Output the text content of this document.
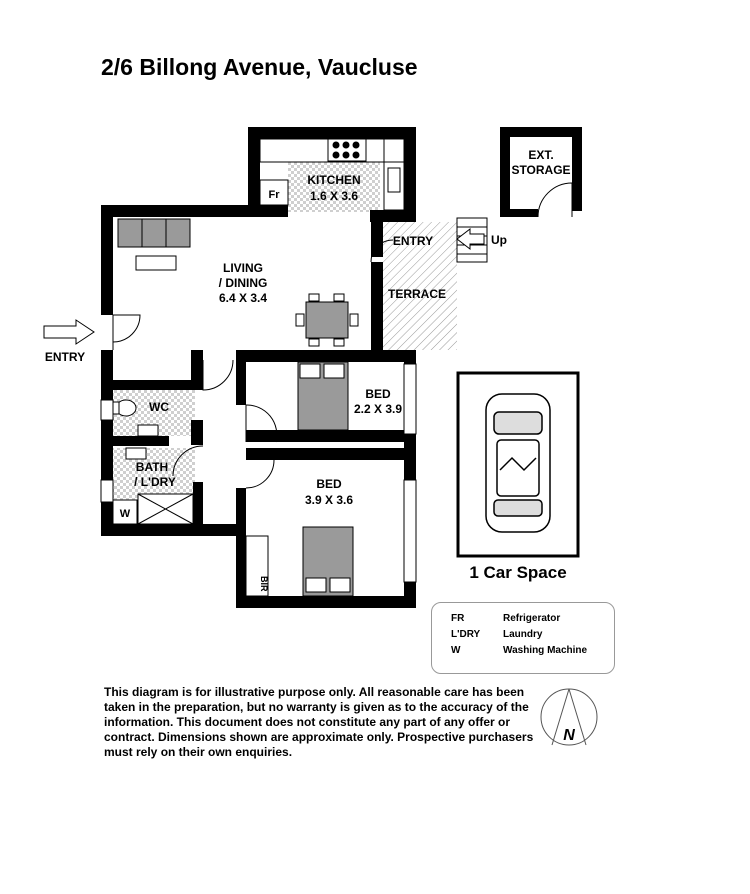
2/6 Billong Avenue, Vaucluse
KITCHEN
1.6 X 3.6
Fr
EXT.
STORAGE
ENTRY	Up
LIVING
/ DINING
6.4 X 3.4	TERRACE
ENTRY
WC
BED
2.2 X 3.9
BATH
/ L'DRY
W
BED
3.9 X 3.6
BIR
1 Car Space
N
FR	Refrigerator
L'DRY Laundry
W	Washing Machine
This diagram is for illustrative purpose only. All reasonable care has been taken in the preparation, but no warranty is given as to the accuracy of the information. This document does not constitute any part of any offer or contract. Dimensions shown are approximate only. Prospective purchasers must rely on their own enquiries.
